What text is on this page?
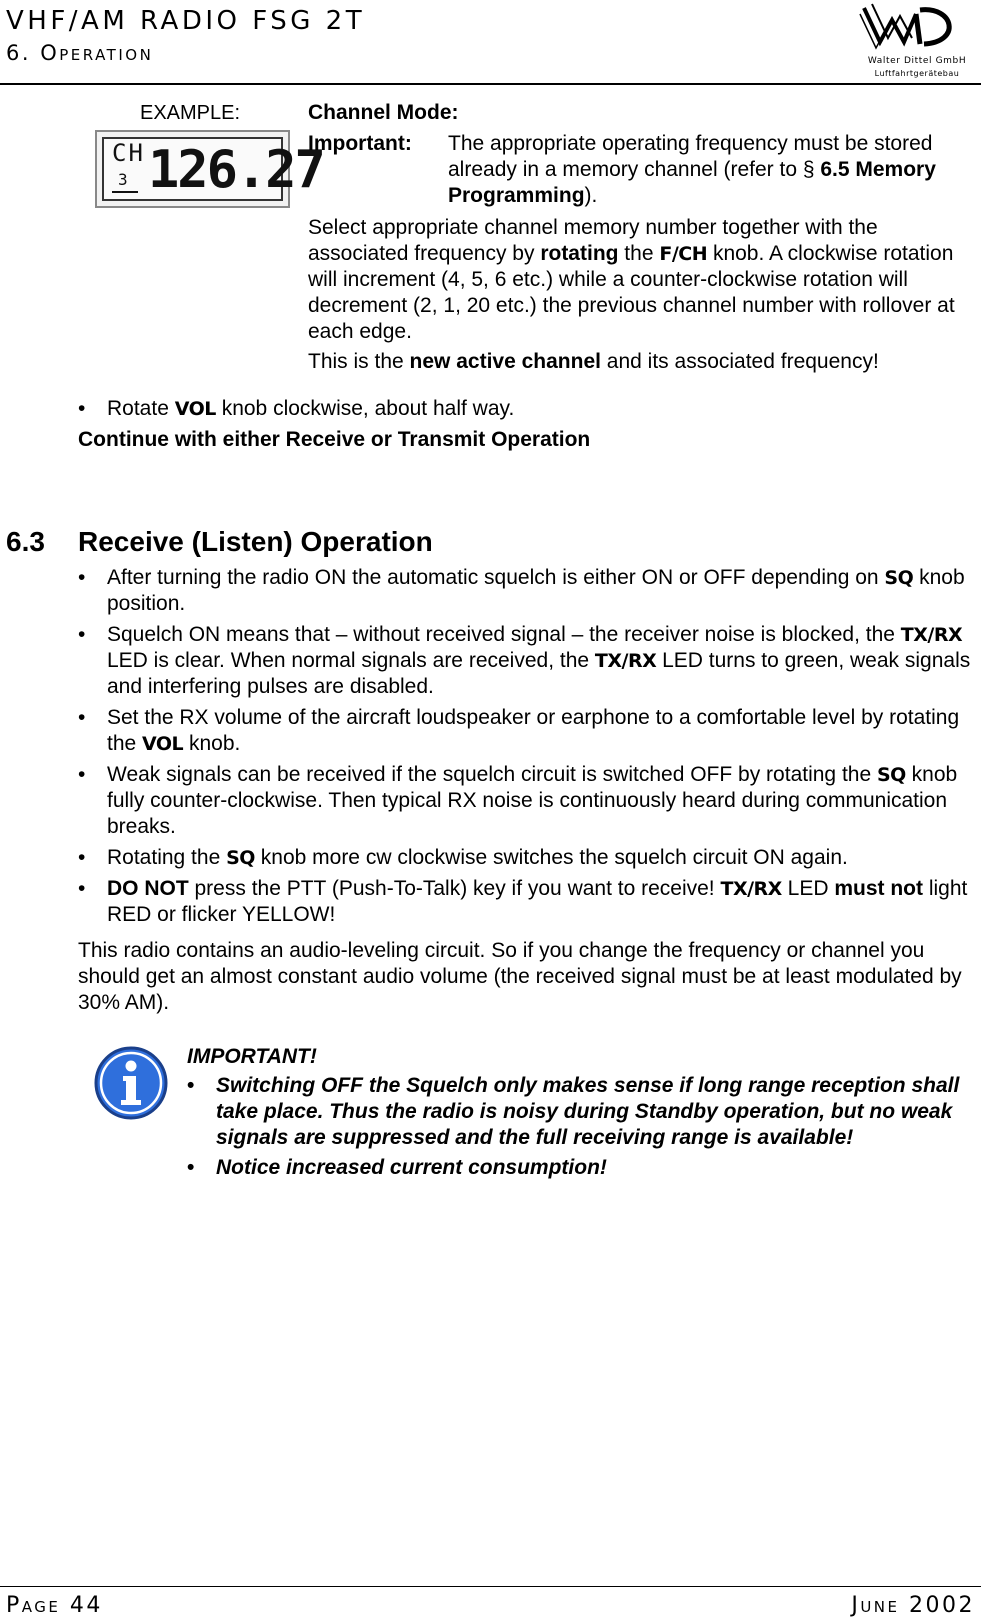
VHF/AM RADIO FSG 2T
6. Operation	Walter Dittel GmbH
Luftfahrtgerätebau
EXAMPLE:
CH
3 126.27
Channel Mode:
Important: The appropriate operating frequency must be stored already in a memory channel (refer to § 6.5 Memory Programming).
Select appropriate channel memory number together with the associated frequency by rotating the F/CH knob. A clockwise rotation will increment (4, 5, 6 etc.) while a counter-clockwise rotation will decrement (2, 1, 20 etc.) the previous channel number with rollover at each edge.
This is the new active channel and its associated frequency!
• Rotate VOL knob clockwise, about half way.
Continue with either Receive or Transmit Operation
6.3 Receive (Listen) Operation
• After turning the radio ON the automatic squelch is either ON or OFF depending on SQ knob position.
• Squelch ON means that – without received signal – the receiver noise is blocked, the TX/RX LED is clear. When normal signals are received, the TX/RX LED turns to green, weak signals and interfering pulses are disabled.
• Set the RX volume of the aircraft loudspeaker or earphone to a comfortable level by rotating the VOL knob.
• Weak signals can be received if the squelch circuit is switched OFF by rotating the SQ knob fully counter-clockwise. Then typical RX noise is continuously heard during communication breaks.
• Rotating the SQ knob more cw clockwise switches the squelch circuit ON again.
• DO NOT press the PTT (Push-To-Talk) key if you want to receive! TX/RX LED must not light RED or flicker YELLOW!
This radio contains an audio-leveling circuit. So if you change the frequency or channel you should get an almost constant audio volume (the received signal must be at least modulated by 30% AM).
IMPORTANT!
• Switching OFF the Squelch only makes sense if long range reception shall take place. Thus the radio is noisy during Standby operation, but no weak signals are suppressed and the full receiving range is available!
• Notice increased current consumption!
Page 44	June 2002
